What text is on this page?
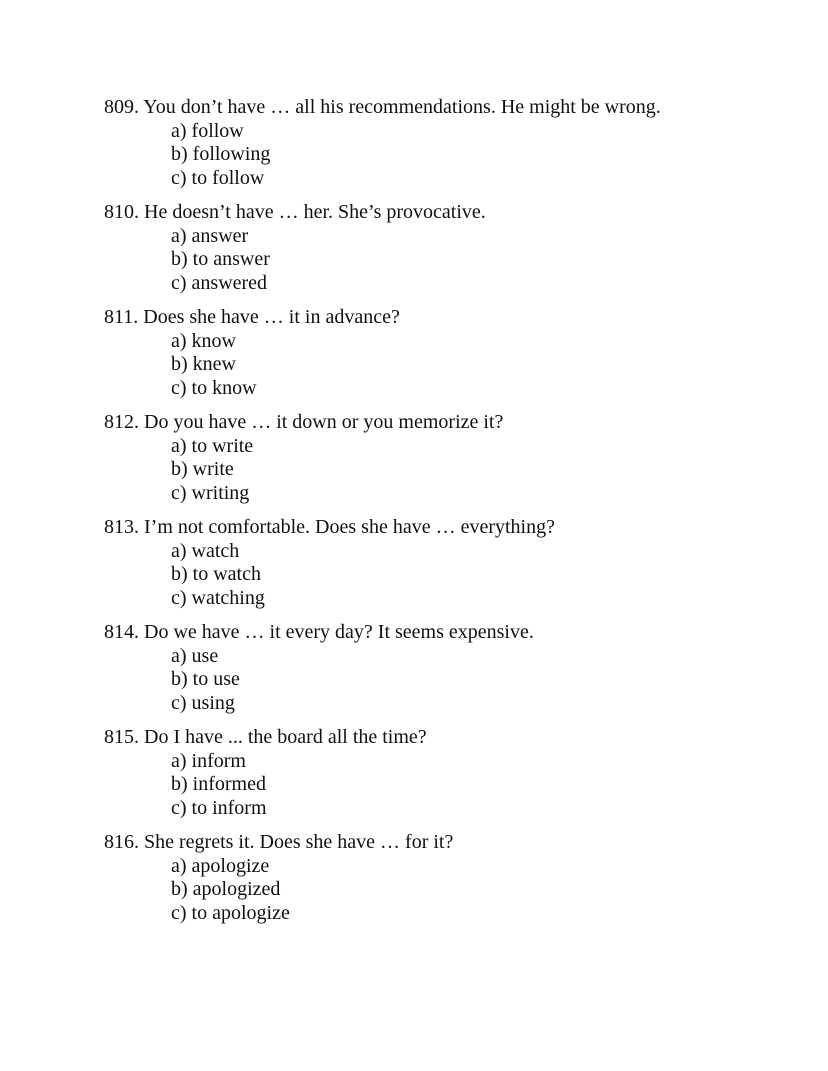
809. You don’t have … all his recommendations. He might be wrong.
a) follow
b) following
c) to follow
810. He doesn’t have … her. She’s provocative.
a) answer
b) to answer
c) answered
811. Does she have … it in advance?
a) know
b) knew
c) to know
812. Do you have … it down or you memorize it?
a) to write
b) write
c) writing
813. I’m not comfortable. Does she have … everything?
a) watch
b) to watch
c) watching
814. Do we have … it every day? It seems expensive.
a) use
b) to use
c) using
815. Do I have ... the board all the time?
a) inform
b) informed
c) to inform
816. She regrets it. Does she have … for it?
a) apologize
b) apologized
c) to apologize
